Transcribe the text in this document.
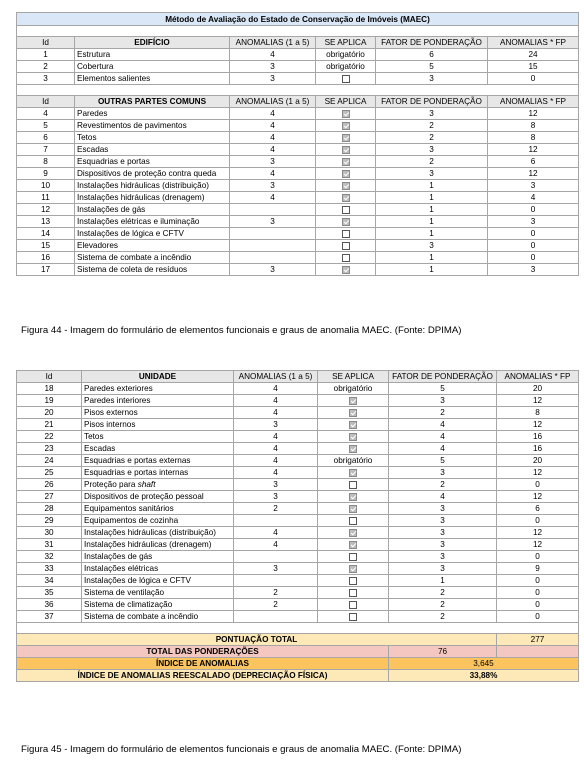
Método de Avaliação do Estado de Conservação de Imóveis (MAEC)					

Id	EDIFÍCIO	ANOMALIAS (1 a 5)	SE APLICA	FATOR DE PONDERAÇÃO	ANOMALIAS * FP
1	Estrutura	4	obrigatório	6	24
2	Cobertura	3	obrigatório	5	15
3	Elementos salientes	3		3	0

Id	OUTRAS PARTES COMUNS	ANOMALIAS (1 a 5)	SE APLICA	FATOR DE PONDERAÇÃO	ANOMALIAS * FP
4	Paredes	4		3	12
5	Revestimentos de pavimentos	4		2	8
6	Tetos	4		2	8
7	Escadas	4		3	12
8	Esquadrias e portas	3		2	6
9	Dispositivos de proteção contra queda	4		3	12
10	Instalações hidráulicas (distribuição)	3		1	3
11	Instalações hidráulicas (drenagem)	4		1	4
12	Instalações de gás			1	0
13	Instalações elétricas e iluminação	3		1	3
14	Instalações de lógica e CFTV			1	0
15	Elevadores			3	0
16	Sistema de combate a incêndio			1	0
17	Sistema de coleta de resíduos	3		1	3
Figura 44 - Imagem do formulário de elementos funcionais e graus de anomalia MAEC. (Fonte: DPIMA)
Id	UNIDADE	ANOMALIAS (1 a 5)	SE APLICA	FATOR DE PONDERAÇÃO	ANOMALIAS * FP
18	Paredes exteriores	4	obrigatório	5	20
19	Paredes interiores	4		3	12
20	Pisos externos	4		2	8
21	Pisos internos	3		4	12
22	Tetos	4		4	16
23	Escadas	4		4	16
24	Esquadrias e portas externas	4	obrigatório	5	20
25	Esquadrias e portas internas	4		3	12
26	Proteção para shaft	3		2	0
27	Dispositivos de proteção pessoal	3		4	12
28	Equipamentos sanitários	2		3	6
29	Equipamentos de cozinha			3	0
30	Instalações hidráulicas (distribuição)	4		3	12
31	Instalações hidráulicas (drenagem)	4		3	12
32	Instalações de gás			3	0
33	Instalações elétricas	3		3	9
34	Instalações de lógica e CFTV			1	0
35	Sistema de ventilação	2		2	0
36	Sistema de climatização	2		2	0
37	Sistema de combate a incêndio			2	0

PONTUAÇÃO TOTAL					277
TOTAL DAS PONDERAÇÕES				76	
ÍNDICE DE ANOMALIAS				3,645	
ÍNDICE DE ANOMALIAS REESCALADO (DEPRECIAÇÃO FÍSICA)				33,88%	
Figura 45 - Imagem do formulário de elementos funcionais e graus de anomalia MAEC. (Fonte: DPIMA)
